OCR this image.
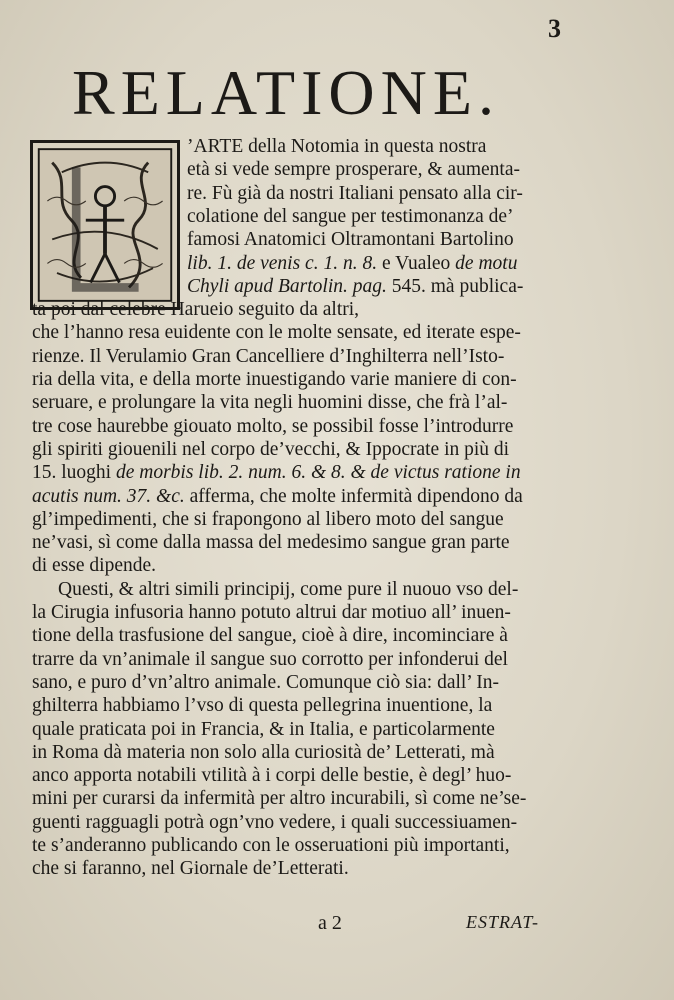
3
RELATIONE.
’ARTE della Notomia in questa nostra
età si vede sempre prosperare, & aumenta-
re. Fù già da nostri Italiani pensato alla cir-
colatione del sangue per testimonanza de’
famosi Anatomici Oltramontani Bartolino
lib. 1. de venis c. 1. n. 8. e Vualeo de motu
Chyli apud Bartolin. pag. 545. mà publica-
ta poi dal celebre Harueio seguito da altri,
che l’hanno resa euidente con le molte sensate, ed iterate espe-
rienze. Il Verulamio Gran Cancelliere d’Inghilterra nell’Isto-
ria della vita, e della morte inuestigando varie maniere di con-
seruare, e prolungare la vita negli huomini disse, che frà l’al-
tre cose haurebbe giouato molto, se possibil fosse l’introdurre
gli spiriti giouenili nel corpo de’vecchi, & Ippocrate in più di
15. luoghi de morbis lib. 2. num. 6. & 8. & de victus ratione in
acutis num. 37. &c. afferma, che molte infermità dipendono da
gl’impedimenti, che si frapongono al libero moto del sangue
ne’vasi, sì come dalla massa del medesimo sangue gran parte
di esse dipende.
Questi, & altri simili principij, come pure il nuouo vso del-
la Cirugia infusoria hanno potuto altrui dar motiuo all’ inuen-
tione della trasfusione del sangue, cioè à dire, incominciare à
trarre da vn’animale il sangue suo corrotto per infonderui del
sano, e puro d’vn’altro animale. Comunque ciò sia: dall’ In-
ghilterra habbiamo l’vso di questa pellegrina inuentione, la
quale praticata poi in Francia, & in Italia, e particolarmente
in Roma dà materia non solo alla curiosità de’ Letterati, mà
anco apporta notabili vtilità à i corpi delle bestie, è degl’ huo-
mini per curarsi da infermità per altro incurabili, sì come ne’se-
guenti ragguagli potrà ogn’vno vedere, i quali successiuamen-
te s’anderanno publicando con le osseruationi più importanti,
che si faranno, nel Giornale de’Letterati.
a 2	ESTRAT-
